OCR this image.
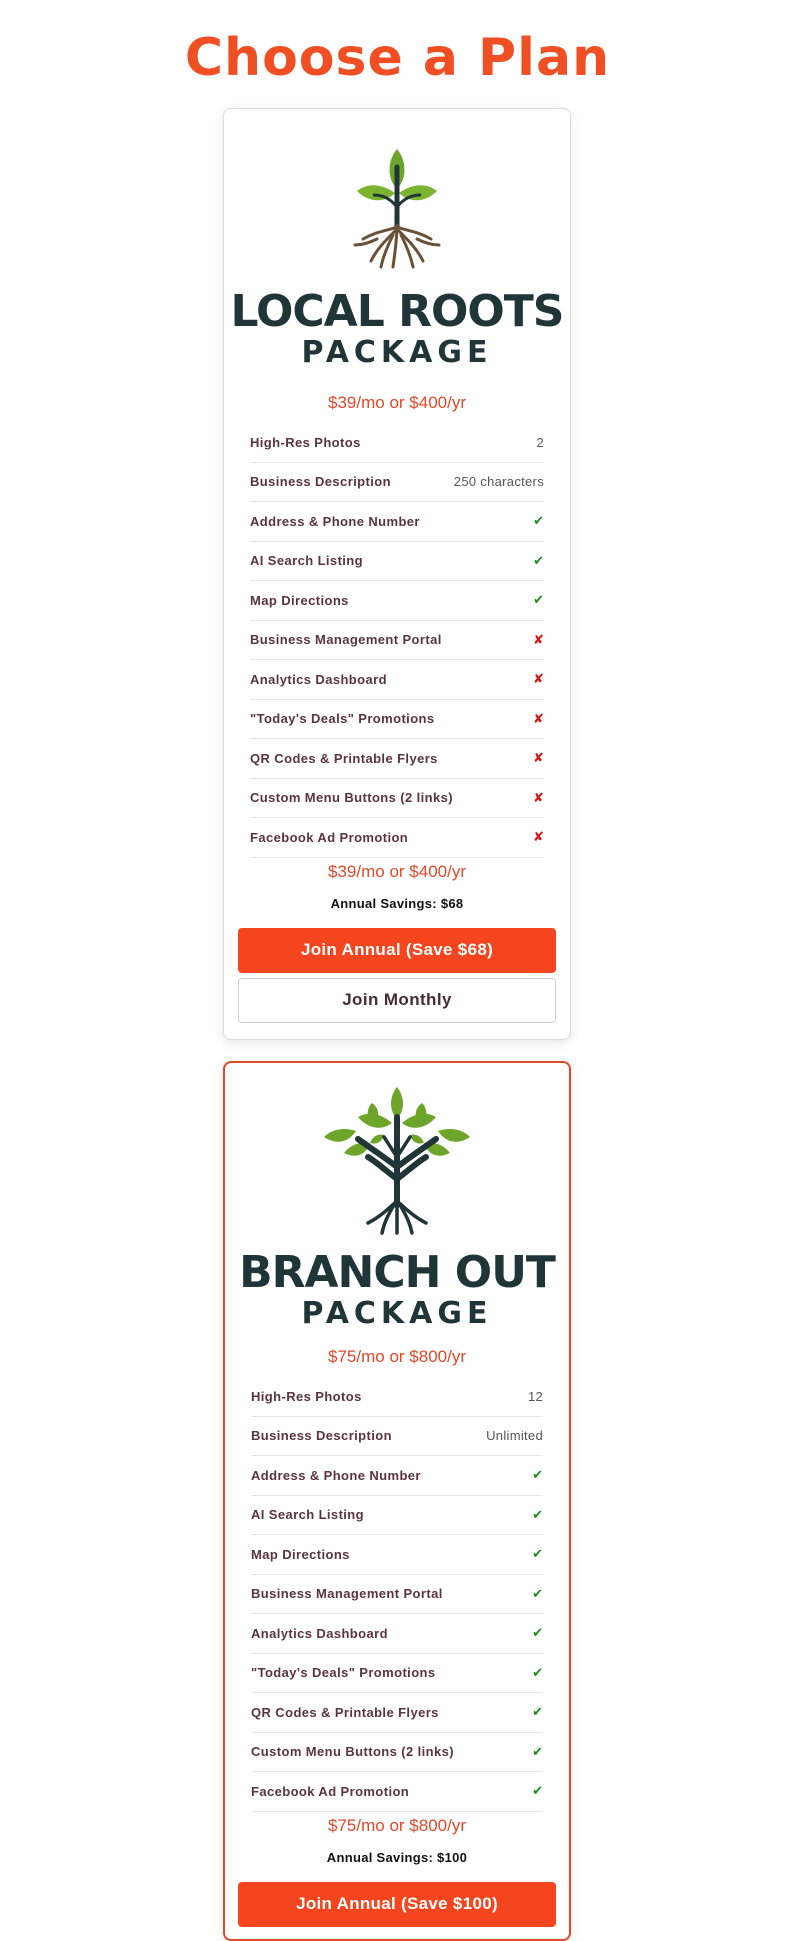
Choose a Plan
LOCAL ROOTS
PACKAGE

$39/mo or $400/yr

High-Res Photos	2
Business Description	250 characters
Address & Phone Number	✔
AI Search Listing	✔
Map Directions	✔
Business Management Portal	✘
Analytics Dashboard	✘
"Today's Deals" Promotions	✘
QR Codes & Printable Flyers	✘
Custom Menu Buttons (2 links)	✘
Facebook Ad Promotion	✘

$39/mo or $400/yr

Annual Savings: $68
Join Annual (Save $68)
Join Monthly
BRANCH OUT
PACKAGE

$75/mo or $800/yr

High-Res Photos	12
Business Description	Unlimited
Address & Phone Number	✔
AI Search Listing	✔
Map Directions	✔
Business Management Portal	✔
Analytics Dashboard	✔
"Today's Deals" Promotions	✔
QR Codes & Printable Flyers	✔
Custom Menu Buttons (2 links)	✔
Facebook Ad Promotion	✔

$75/mo or $800/yr

Annual Savings: $100
Join Annual (Save $100)
